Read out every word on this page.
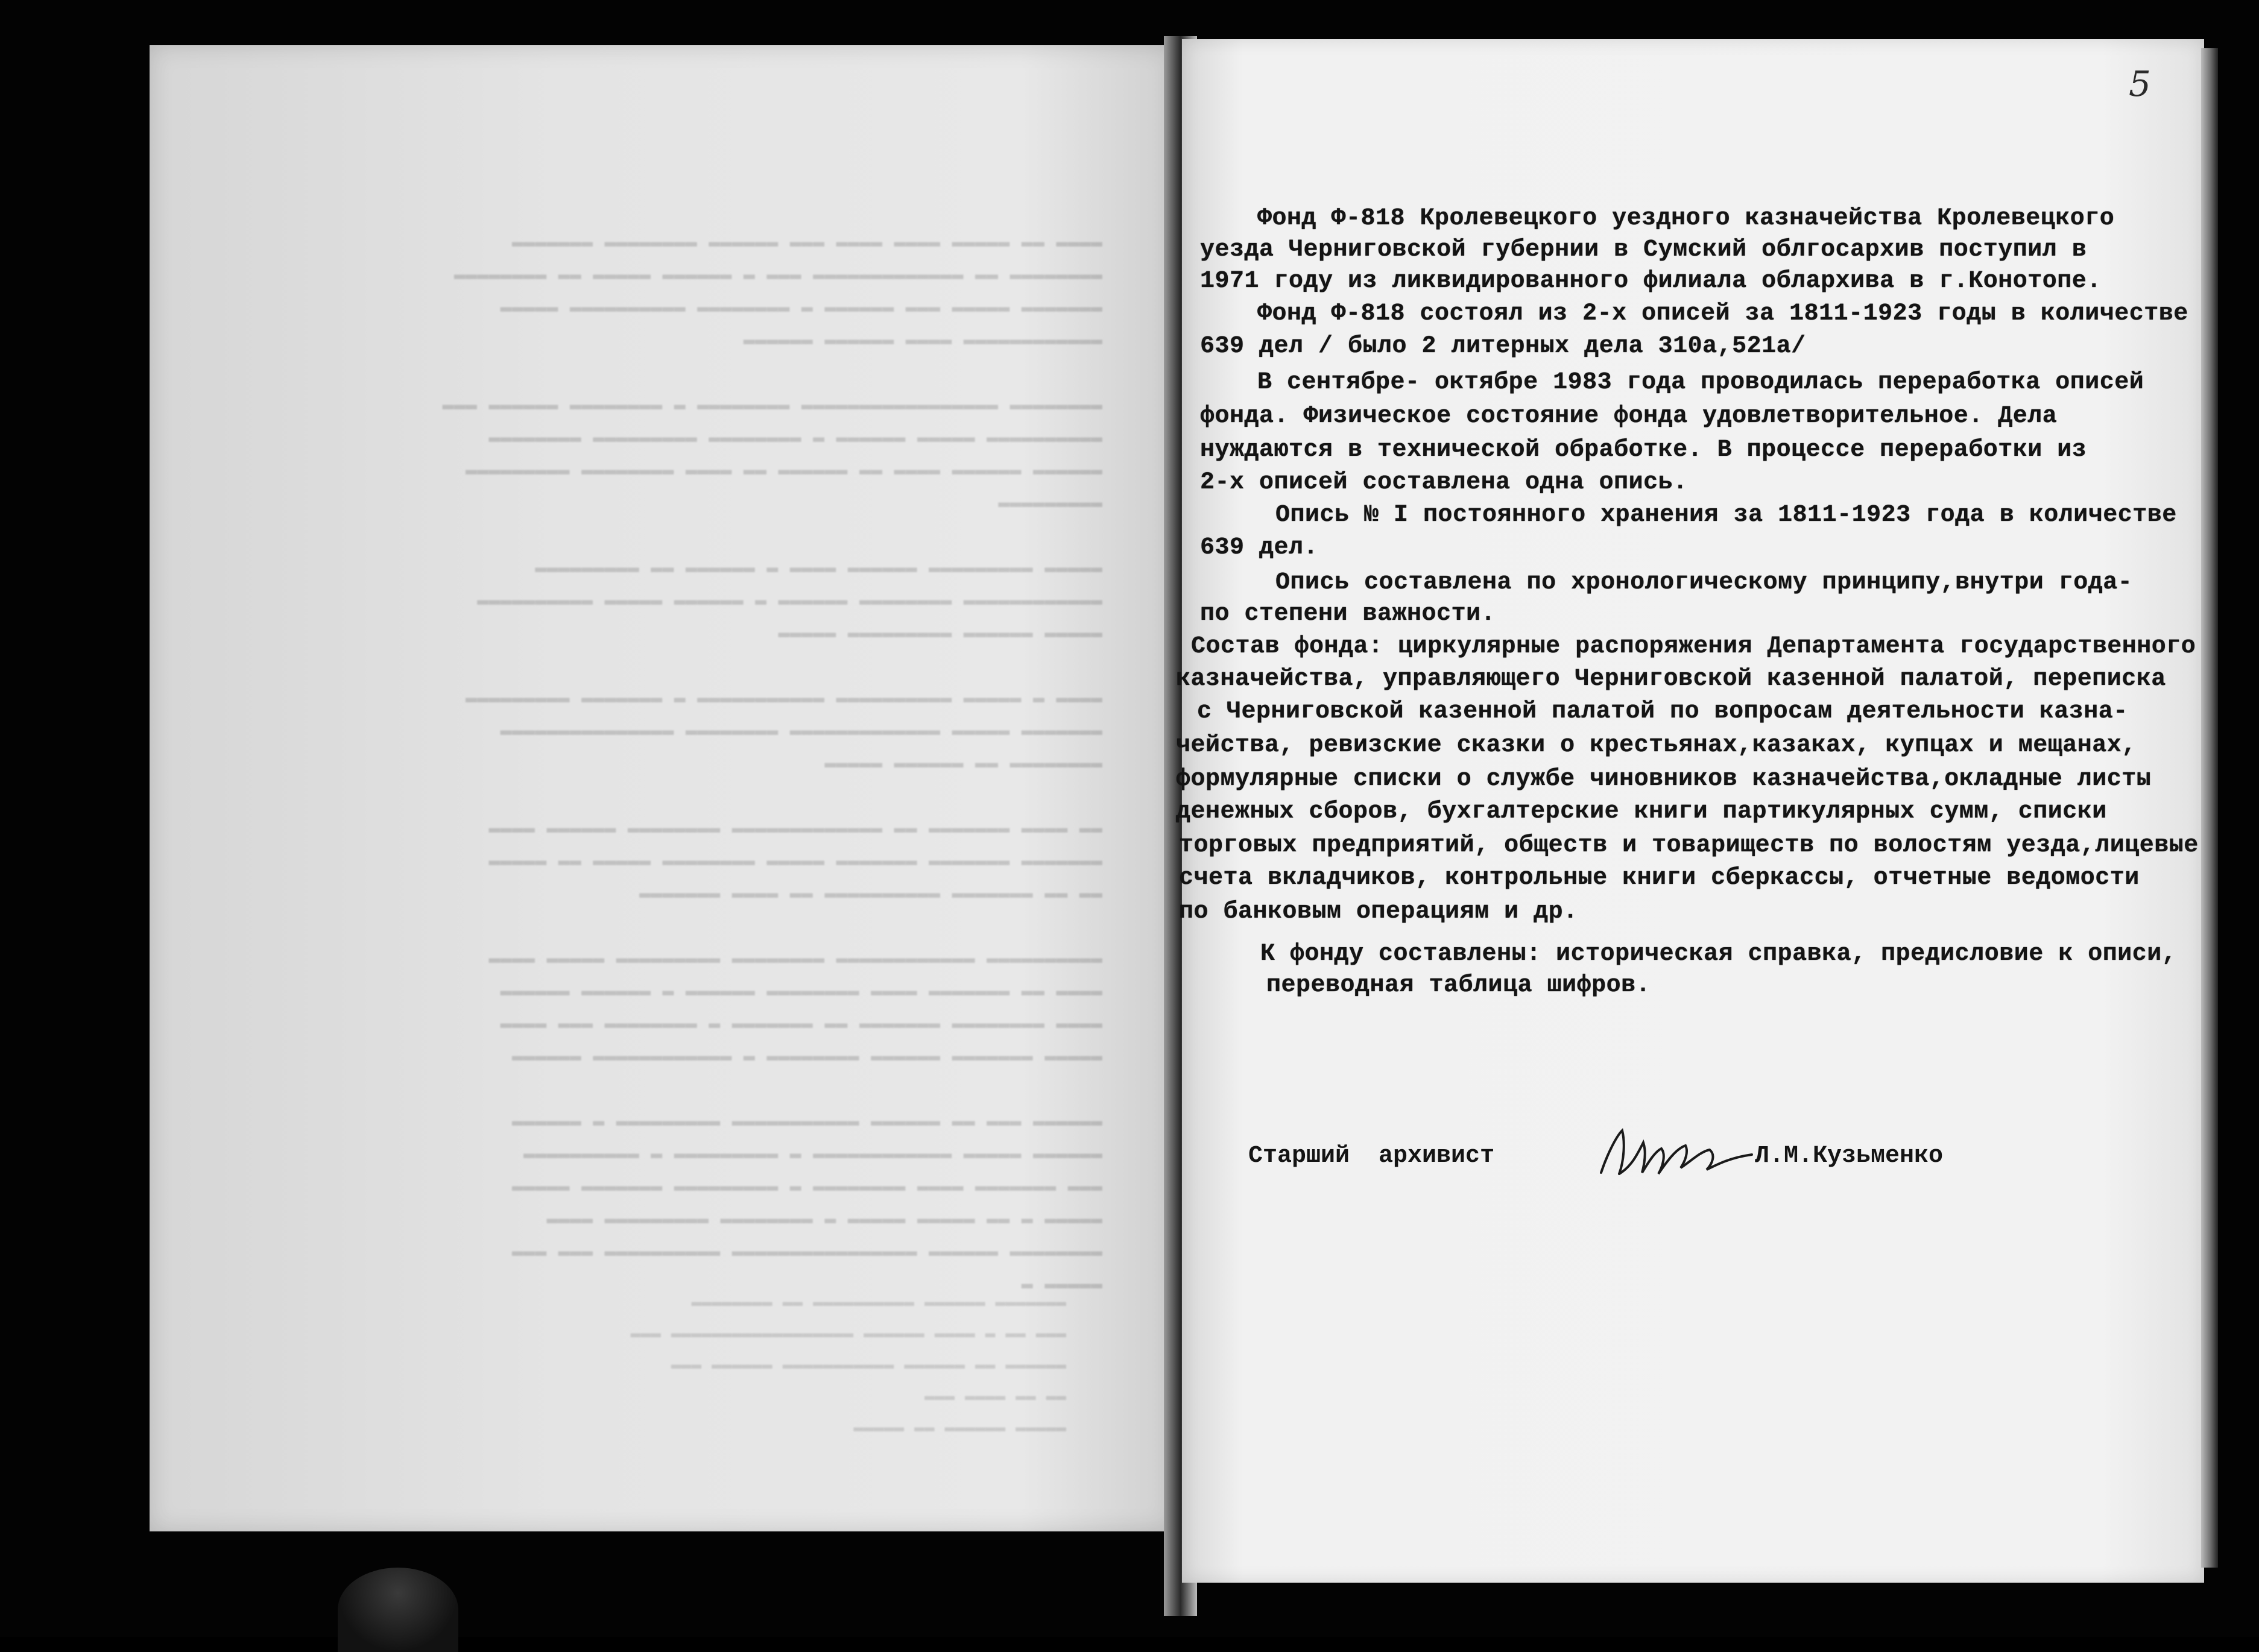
▬▬▬▬ ▬▬ ▬▬▬▬▬ ▬▬▬▬ ▬▬▬▬ ▬▬▬ ▬▬▬▬▬▬ ▬▬▬▬▬▬▬▬ ▬▬▬▬▬▬▬
▬▬▬▬▬▬▬▬ ▬▬ ▬▬▬▬▬▬▬▬▬▬▬▬▬ ▬▬▬ ▬ ▬▬▬▬▬▬ ▬▬▬▬▬ ▬▬ ▬▬▬▬▬▬▬▬
▬▬▬▬▬▬▬ ▬▬▬▬▬ ▬▬▬ ▬▬▬▬▬▬ ▬ ▬▬▬▬▬▬▬▬ ▬▬▬▬▬▬▬▬▬▬ ▬▬▬▬▬
▬▬▬▬▬▬▬▬▬▬▬▬ ▬▬▬▬ ▬▬▬▬▬▬ ▬▬▬▬▬▬

▬▬▬▬▬▬▬▬ ▬▬▬▬▬▬▬▬▬▬▬▬▬▬▬▬▬ ▬▬▬▬▬▬▬▬ ▬ ▬▬▬▬▬▬▬▬ ▬▬▬▬▬▬ ▬▬▬
▬▬▬▬▬▬▬▬▬▬ ▬▬▬▬▬ ▬▬▬▬▬▬ ▬ ▬▬▬▬▬▬▬▬ ▬▬▬▬▬▬▬▬▬ ▬▬▬▬▬▬▬▬
▬▬▬▬▬▬ ▬▬▬▬▬▬ ▬▬▬▬ ▬▬ ▬▬▬▬▬▬ ▬▬ ▬▬▬▬ ▬▬▬▬▬▬▬▬ ▬▬▬▬▬▬▬▬▬
▬▬▬▬▬▬▬▬▬

▬▬▬▬▬ ▬▬▬▬▬▬▬▬▬ ▬▬▬▬▬▬ ▬▬▬▬ ▬ ▬▬▬▬▬▬ ▬▬ ▬▬▬▬▬▬▬▬▬
▬▬▬▬▬▬▬▬▬▬▬▬ ▬▬▬▬▬▬▬▬ ▬▬▬▬▬▬ ▬ ▬▬▬▬▬▬ ▬▬▬▬▬ ▬▬▬▬▬▬▬▬▬▬
▬▬▬▬▬ ▬▬▬▬▬▬ ▬▬▬▬▬▬▬▬▬ ▬▬▬▬▬

▬▬▬▬ ▬ ▬▬▬▬▬ ▬▬▬▬▬▬▬▬▬▬ ▬▬▬▬▬▬▬▬▬▬▬ ▬ ▬▬▬▬▬▬▬ ▬▬▬▬▬▬▬▬▬
▬▬▬▬▬▬▬ ▬▬▬▬▬ ▬▬▬▬▬▬▬▬▬▬▬▬▬ ▬▬▬▬▬▬▬▬ ▬▬▬▬▬▬▬▬▬▬▬▬▬▬▬
▬▬▬▬▬▬▬▬ ▬▬ ▬▬▬▬▬▬ ▬▬▬▬▬

▬▬ ▬▬▬▬ ▬▬▬▬▬▬▬ ▬▬ ▬▬▬▬▬▬▬▬▬▬▬▬▬ ▬▬▬▬▬▬▬▬ ▬▬▬▬▬▬ ▬▬▬▬
▬▬▬▬▬▬▬ ▬▬▬▬▬▬▬ ▬▬▬▬▬▬▬ ▬▬▬▬▬ ▬▬▬▬▬▬▬▬ ▬▬▬▬▬ ▬▬ ▬▬▬▬▬
▬▬ ▬▬ ▬▬▬▬▬▬▬ ▬▬▬▬▬▬▬▬▬▬ ▬▬ ▬▬▬▬ ▬▬▬▬▬▬▬

▬▬▬▬▬▬▬▬▬▬ ▬▬▬▬▬▬▬▬▬▬▬▬ ▬▬▬▬▬▬▬▬ ▬▬▬▬▬▬▬▬▬ ▬▬▬▬▬ ▬▬▬▬
▬▬▬▬ ▬▬ ▬▬▬▬▬▬▬ ▬▬▬▬ ▬▬▬▬▬▬▬▬ ▬▬▬▬▬▬ ▬ ▬▬▬▬▬▬ ▬▬▬▬▬▬
▬▬▬▬ ▬▬▬▬▬▬▬▬ ▬▬▬▬▬▬▬ ▬▬ ▬▬▬▬▬▬▬ ▬ ▬▬▬▬▬▬▬▬ ▬▬▬ ▬▬▬▬
▬▬▬▬▬ ▬▬▬▬▬▬▬ ▬▬▬▬▬▬ ▬▬▬▬▬▬▬▬ ▬ ▬▬▬▬▬▬▬▬▬▬▬▬ ▬▬▬▬▬▬

▬▬▬▬▬▬ ▬▬▬ ▬▬ ▬▬▬▬▬▬ ▬▬▬▬▬▬▬▬▬▬▬ ▬▬▬▬▬▬▬▬▬ ▬ ▬▬▬▬▬▬
▬▬▬▬▬▬ ▬▬▬▬▬ ▬▬▬▬▬▬▬▬▬▬▬▬ ▬ ▬▬▬▬▬▬▬▬▬ ▬ ▬▬▬▬▬▬▬▬▬▬
▬▬▬ ▬▬▬▬▬▬▬ ▬▬▬▬ ▬▬▬▬▬▬▬▬ ▬ ▬▬▬▬▬▬▬▬▬ ▬▬▬▬▬▬▬ ▬▬▬▬▬
▬▬▬▬▬ ▬ ▬▬ ▬▬▬▬▬ ▬▬▬▬▬ ▬ ▬▬▬▬▬▬▬▬ ▬▬▬▬▬▬▬▬▬ ▬▬▬▬
▬▬▬▬▬▬▬▬ ▬▬▬▬▬▬ ▬▬▬▬▬▬▬▬▬▬▬▬▬▬▬▬ ▬▬▬▬▬▬▬▬▬▬ ▬▬▬ ▬▬▬
▬▬▬▬▬ ▬
▬▬▬▬▬▬▬ ▬▬▬▬▬▬ ▬▬▬▬▬▬▬▬▬▬ ▬▬ ▬▬▬▬▬▬▬▬
▬▬▬ ▬▬ ▬ ▬▬▬▬ ▬▬▬▬▬▬ ▬▬▬▬▬▬▬▬▬▬▬▬▬▬▬▬▬▬ ▬▬▬
▬▬▬▬▬▬ ▬▬ ▬▬▬▬▬▬ ▬▬▬▬▬▬▬▬▬▬▬ ▬▬▬▬▬▬ ▬▬▬
▬▬ ▬▬ ▬▬▬▬ ▬▬▬
▬▬▬▬▬ ▬▬▬▬▬▬ ▬▬ ▬▬▬▬▬
5
Фонд Ф-818 Кролевецкого уездного казначейства Кролевецкого
уезда Черниговской губернии в Сумский облгосархив поступил в
1971 году из ликвидированного филиала облархива в г.Конотопе.
Фонд Ф-818 состоял из 2-х описей за 1811-1923 годы в количестве
639 дел / было 2 литерных дела 310а,521а/
В сентябре- октябре 1983 года проводилась переработка описей
фонда. Физическое состояние фонда удовлетворительное. Дела
нуждаются в технической обработке. В процессе переработки из
2-х описей составлена одна опись.
Опись № I постоянного хранения за 1811-1923 года в количестве
639 дел.
Опись составлена по хронологическому принципу,внутри года-
по степени важности.
Состав фонда: циркулярные распоряжения Департамента государственного
казначейства, управляющего Черниговской казенной палатой, переписка
с Черниговской казенной палатой по вопросам деятельности казна-
чейства, ревизские сказки о крестьянах,казаках, купцах и мещанах,
формулярные списки о службе чиновников казначейства,окладные листы
денежных сборов, бухгалтерские книги партикулярных сумм, списки
торговых предприятий, обществ и товариществ по волостям уезда,лицевые
счета вкладчиков, контрольные книги сберкассы, отчетные ведомости
по банковым операциям и др.
К фонду составлены: историческая справка, предисловие к описи,
переводная таблица шифров.
Старший  архивист	Л.М.Кузьменко
